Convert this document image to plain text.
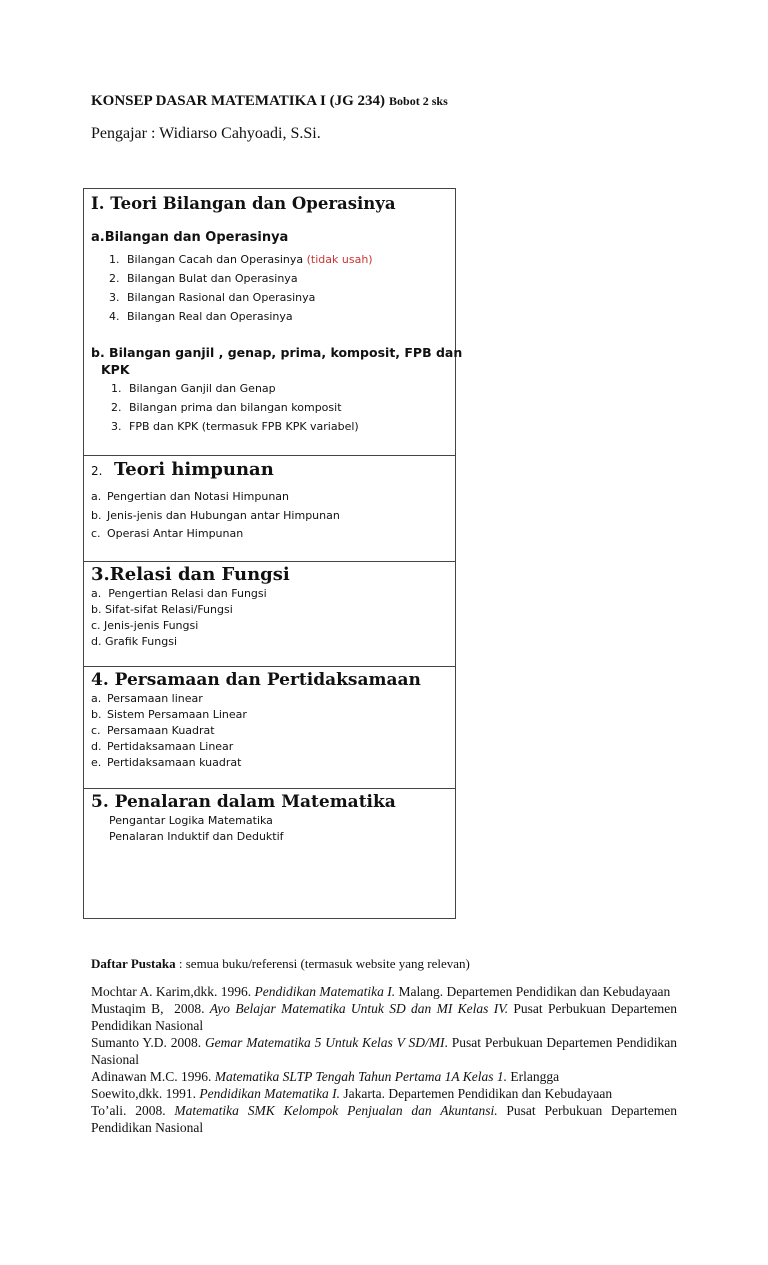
KONSEP DASAR MATEMATIKA I (JG 234) Bobot 2 sks
Pengajar : Widiarso Cahyoadi, S.Si.
I. Teori Bilangan dan Operasinya
a.Bilangan dan Operasinya
1. Bilangan Cacah dan Operasinya (tidak usah)
2. Bilangan Bulat dan Operasinya
3. Bilangan Rasional dan Operasinya
4. Bilangan Real dan Operasinya
b. Bilangan ganjil , genap, prima, komposit, FPB dan
KPK
1. Bilangan Ganjil dan Genap
2. Bilangan prima dan bilangan komposit
3. FPB dan KPK (termasuk FPB KPK variabel)
2. Teori himpunan
a. Pengertian dan Notasi Himpunan
b. Jenis-jenis dan Hubungan antar Himpunan
c. Operasi Antar Himpunan
3.Relasi dan Fungsi
a.  Pengertian Relasi dan Fungsi
b. Sifat-sifat Relasi/Fungsi
c. Jenis-jenis Fungsi
d. Grafik Fungsi
4. Persamaan dan Pertidaksamaan
a. Persamaan linear
b. Sistem Persamaan Linear
c. Persamaan Kuadrat
d. Pertidaksamaan Linear
e. Pertidaksamaan kuadrat
5. Penalaran dalam Matematika
Pengantar Logika Matematika
Penalaran Induktif dan Deduktif
Daftar Pustaka : semua buku/referensi (termasuk website yang relevan)

Mochtar A. Karim,dkk. 1996. Pendidikan Matematika I. Malang. Departemen Pendidikan dan Kebudayaan

Mustaqim B,  2008. Ayo Belajar Matematika Untuk SD dan MI Kelas IV. Pusat Perbukuan Departemen Pendidikan Nasional

Sumanto Y.D. 2008. Gemar Matematika 5 Untuk Kelas V SD/MI. Pusat Perbukuan Departemen Pendidikan Nasional

Adinawan M.C. 1996. Matematika SLTP Tengah Tahun Pertama 1A Kelas 1. Erlangga

Soewito,dkk. 1991. Pendidikan Matematika I. Jakarta. Departemen Pendidikan dan Kebudayaan

To’ali. 2008. Matematika SMK Kelompok Penjualan dan Akuntansi. Pusat Perbukuan Departemen Pendidikan Nasional
